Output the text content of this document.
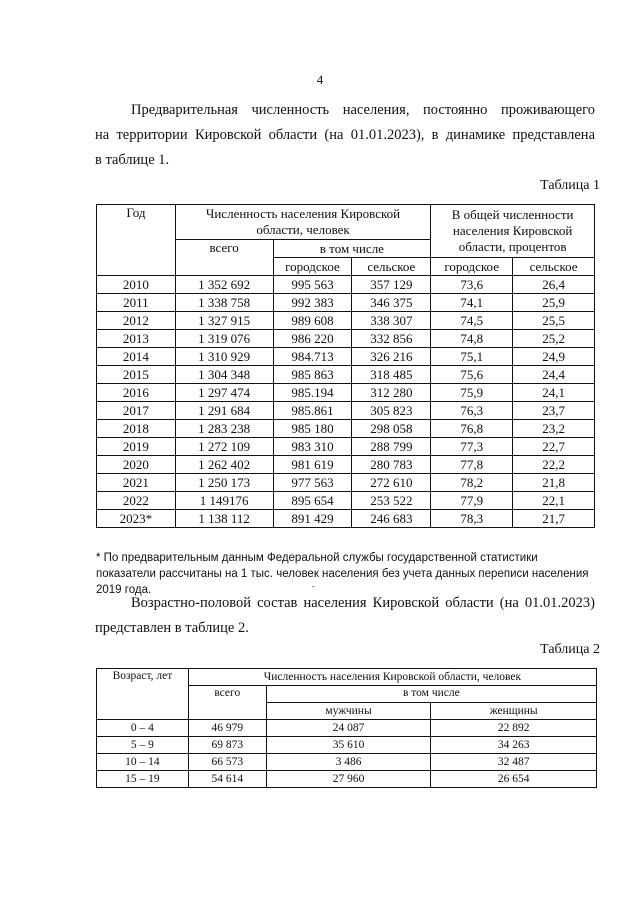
4
Предварительная численность населения, постоянно проживающего
на территории Кировской области (на 01.01.2023), в динамике представлена
в таблице 1.
Таблица 1
Год	Численность населения Кировской области, человек			В общей численности населения Кировской области, процентов	
	всего	в том числе			
		городское	сельское	городское	сельское
2010	1 352 692	995 563	357 129	73,6	26,4
2011	1 338 758	992 383	346 375	74,1	25,9
2012	1 327 915	989 608	338 307	74,5	25,5
2013	1 319 076	986 220	332 856	74,8	25,2
2014	1 310 929	984.713	326 216	75,1	24,9
2015	1 304 348	985 863	318 485	75,6	24,4
2016	1 297 474	985.194	312 280	75,9	24,1
2017	1 291 684	985.861	305 823	76,3	23,7
2018	1 283 238	985 180	298 058	76,8	23,2
2019	1 272 109	983 310	288 799	77,3	22,7
2020	1 262 402	981 619	280 783	77,8	22,2
2021	1 250 173	977 563	272 610	78,2	21,8
2022	1 149176	895 654	253 522	77,9	22,1
2023*	1 138 112	891 429	246 683	78,3	21,7
* По предварительным данным Федеральной службы государственной статистики показатели рассчитаны на 1 тыс. человек населения без учета данных переписи населения 2019 года.	-
Возрастно-половой состав населения Кировской области (на 01.01.2023)
представлен в таблице 2.
Таблица 2
Возраст, лет	Численность населения Кировской области, человек		
	всего	в том числе	
		мужчины	женщины
0 – 4	46 979	24 087	22 892
5 – 9	69 873	35 610	34 263
10 – 14	66 573	3 486	32 487
15 – 19	54 614	27 960	26 654
